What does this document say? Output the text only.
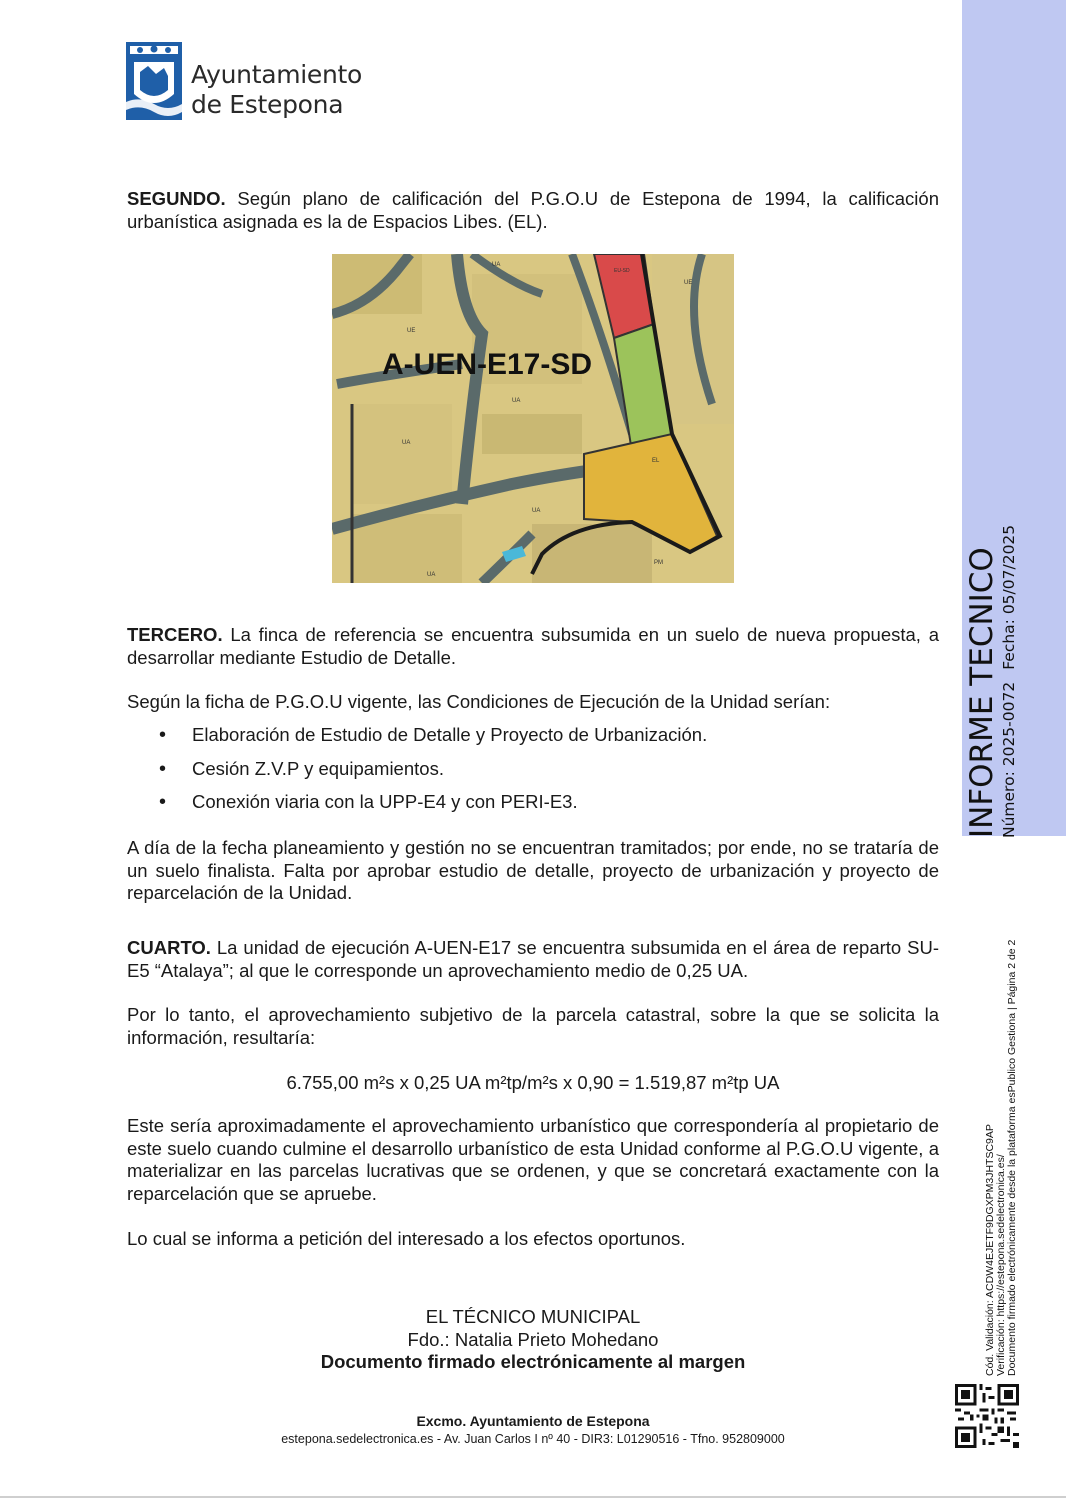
Ayuntamiento
de Estepona

SEGUNDO. Según plano de calificación del P.G.O.U de Estepona de 1994, la calificación urbanística asignada es la de Espacios Libes. (EL).

UE
UA
UA
UA
UA
UA
EL
EU-SD
PM
UE
A-UEN-E17-SD

TERCERO. La finca de referencia se encuentra subsumida en un suelo de nueva propuesta, a desarrollar mediante Estudio de Detalle.

Según la ficha de P.G.O.U vigente, las Condiciones de Ejecución de la Unidad serían:

• Elaboración de Estudio de Detalle y Proyecto de Urbanización.
• Cesión Z.V.P y equipamientos.
• Conexión viaria con la UPP-E4 y con PERI-E3.

A día de la fecha planeamiento y gestión no se encuentran tramitados; por ende, no se trataría de un suelo finalista. Falta por aprobar estudio de detalle, proyecto de urbanización y proyecto de reparcelación de la Unidad.

CUARTO. La unidad de ejecución A-UEN-E17 se encuentra subsumida en el área de reparto SU-E5 “Atalaya”; al que le corresponde un aprovechamiento medio de 0,25 UA.

Por lo tanto, el aprovechamiento subjetivo de la parcela catastral, sobre la que se solicita la información, resultaría:

6.755,00 m²s x 0,25 UA m²tp/m²s x 0,90 = 1.519,87 m²tp UA

Este sería aproximadamente el aprovechamiento urbanístico que correspondería al propietario de este suelo cuando culmine el desarrollo urbanístico de esta Unidad conforme al P.G.O.U vigente, a materializar en las parcelas lucrativas que se ordenen, y que se concretará exactamente con la reparcelación que se apruebe.

Lo cual se informa a petición del interesado a los efectos oportunos.

EL TÉCNICO MUNICIPAL
Fdo.: Natalia Prieto Mohedano
Documento firmado electrónicamente al margen
Excmo. Ayuntamiento de Estepona
estepona.sedelectronica.es - Av. Juan Carlos I nº 40 - DIR3: L01290516 - Tfno. 952809000
INFORME TECNICO Número: 2025-0072Fecha: 05/07/2025
Cód. Validación: ACDW4EJETF9DGXPM3JHTSC9AP Verificación: https://estepona.sedelectronica.es/ Documento firmado electrónicamente desde la plataforma esPublico Gestiona | Página 2 de 2
